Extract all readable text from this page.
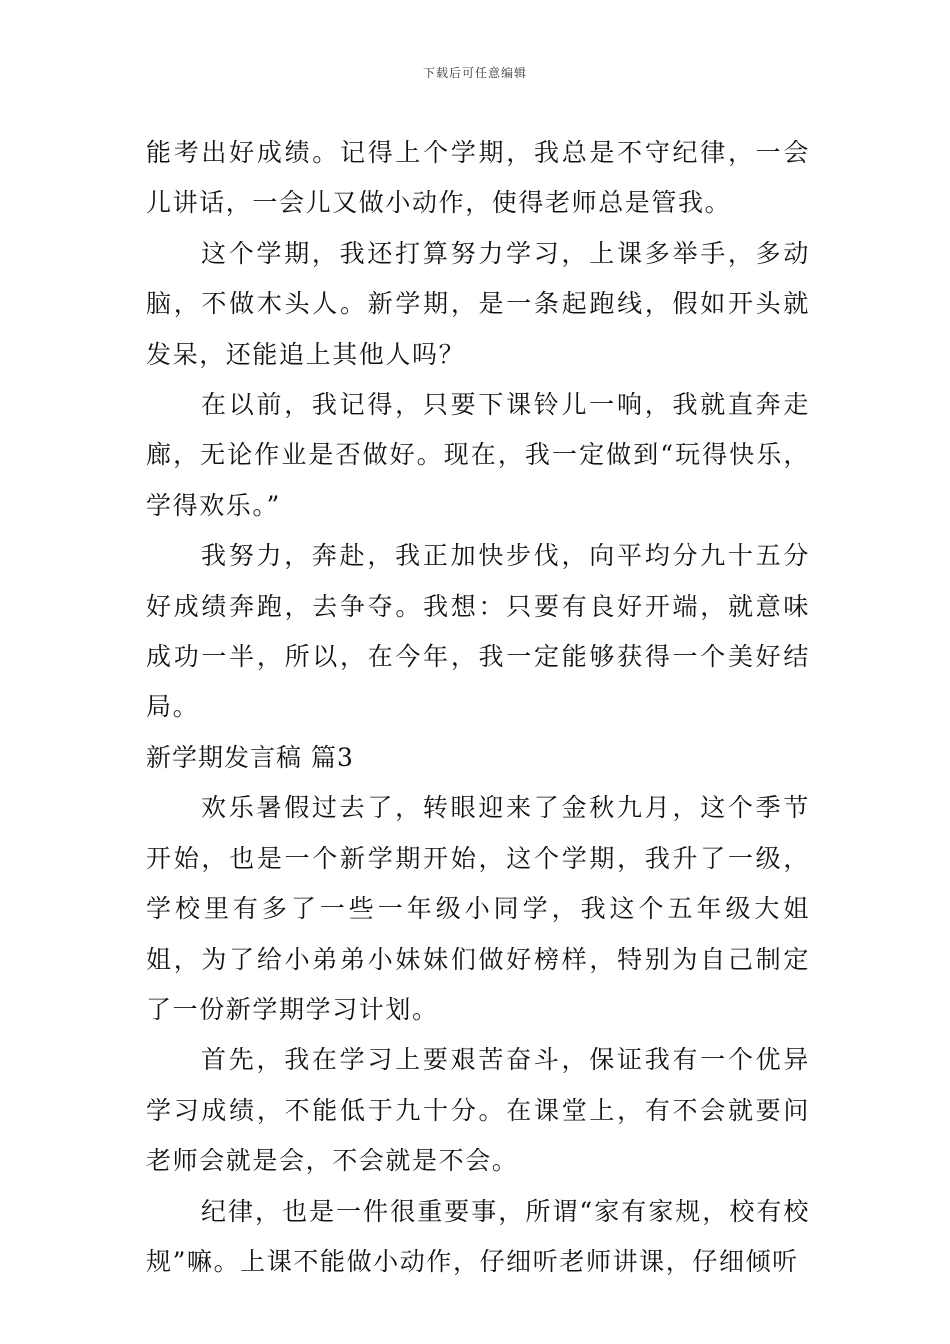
下载后可任意编辑

能考出好成绩。记得上个学期，我总是不守纪律，一会儿讲话，一会儿又做小动作，使得老师总是管我。

这个学期，我还打算努力学习，上课多举手，多动脑，不做木头人。新学期，是一条起跑线，假如开头就发呆，还能追上其他人吗？

在以前，我记得，只要下课铃儿一响，我就直奔走廊，无论作业是否做好。现在，我一定做到“玩得快乐，学得欢乐。”

我努力，奔赴，我正加快步伐，向平均分九十五分好成绩奔跑，去争夺。我想：只要有良好开端，就意味成功一半，所以，在今年，我一定能够获得一个美好结局。

新学期发言稿 篇3

欢乐暑假过去了，转眼迎来了金秋九月，这个季节开始，也是一个新学期开始，这个学期，我升了一级，学校里有多了一些一年级小同学，我这个五年级大姐姐，为了给小弟弟小妹妹们做好榜样，特别为自己制定了一份新学期学习计划。

首先，我在学习上要艰苦奋斗，保证我有一个优异学习成绩，不能低于九十分。在课堂上，有不会就要问老师会就是会，不会就是不会。

纪律，也是一件很重要事，所谓“家有家规，校有校规”嘛。上课不能做小动作，仔细听老师讲课，仔细倾听
